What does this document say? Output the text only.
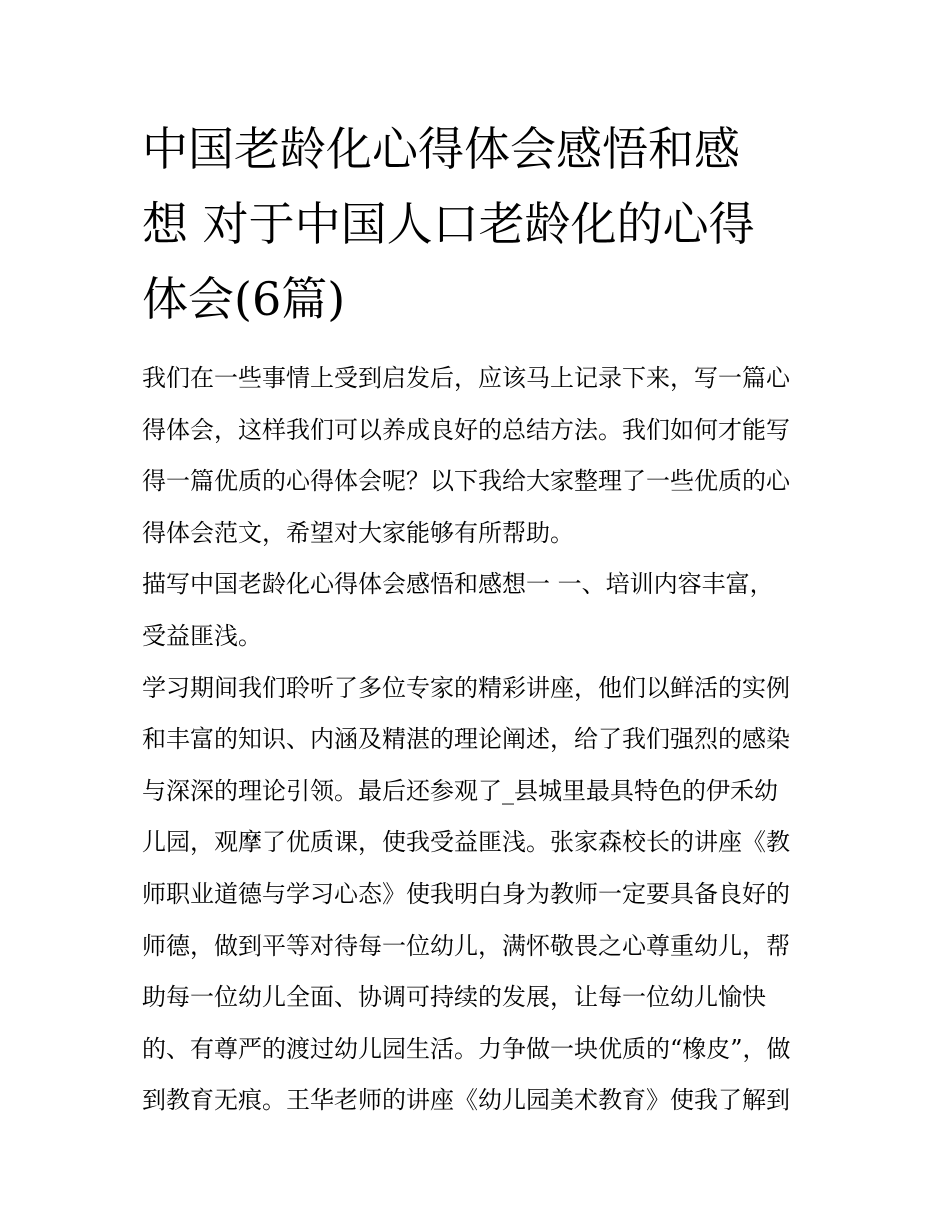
中国老龄化心得体会感悟和感
想 对于中国人口老龄化的心得
体会(6篇)
我们在一些事情上受到启发后，应该马上记录下来，写一篇心
得体会，这样我们可以养成良好的总结方法。我们如何才能写
得一篇优质的心得体会呢？以下我给大家整理了一些优质的心
得体会范文，希望对大家能够有所帮助。
描写中国老龄化心得体会感悟和感想一 一、培训内容丰富，
受益匪浅。
学习期间我们聆听了多位专家的精彩讲座，他们以鲜活的实例
和丰富的知识、内涵及精湛的理论阐述，给了我们强烈的感染
与深深的理论引领。最后还参观了_县城里最具特色的伊禾幼
儿园，观摩了优质课，使我受益匪浅。张家森校长的讲座《教
师职业道德与学习心态》使我明白身为教师一定要具备良好的
师德，做到平等对待每一位幼儿，满怀敬畏之心尊重幼儿，帮
助每一位幼儿全面、协调可持续的发展，让每一位幼儿愉快
的、有尊严的渡过幼儿园生活。力争做一块优质的“橡皮”，做
到教育无痕。王华老师的讲座《幼儿园美术教育》使我了解到
